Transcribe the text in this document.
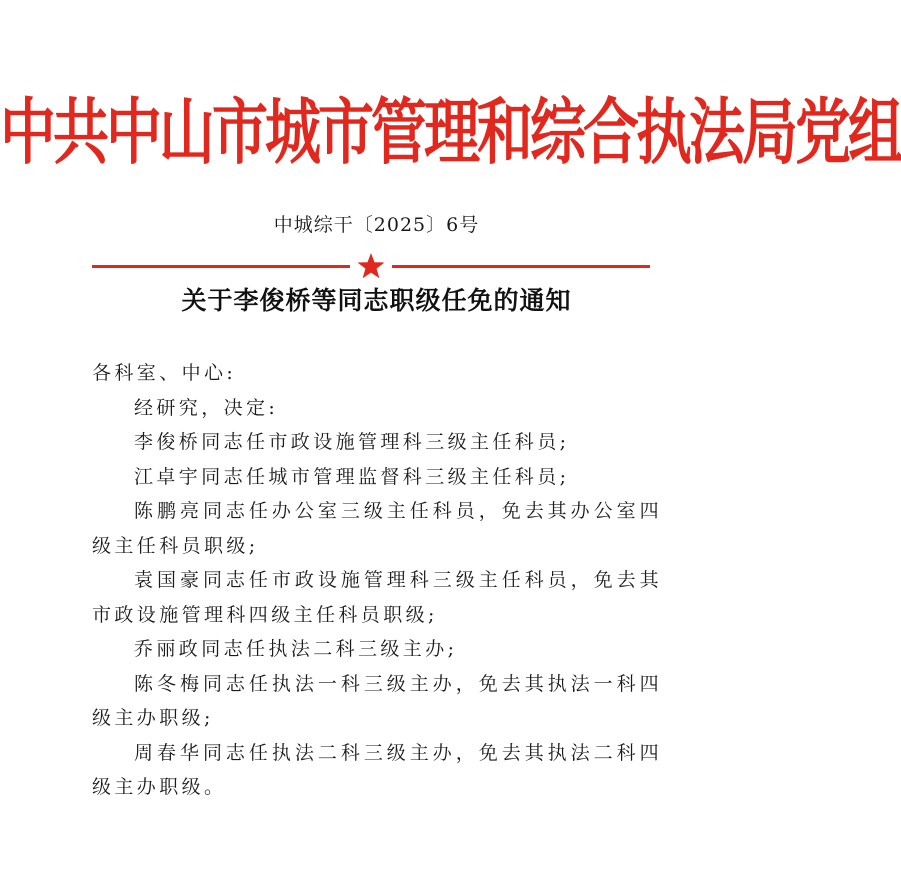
中共中山市城市管理和综合执法局党组
中城综干〔2025〕6号
关于李俊桥等同志职级任免的通知

各科室、中心:

经研究，决定:

李俊桥同志任市政设施管理科三级主任科员;

江卓宇同志任城市管理监督科三级主任科员;

陈鹏亮同志任办公室三级主任科员，免去其办公室四级主任科员职级;

袁国豪同志任市政设施管理科三级主任科员，免去其市政设施管理科四级主任科员职级;

乔丽政同志任执法二科三级主办;

陈冬梅同志任执法一科三级主办，免去其执法一科四级主办职级;

周春华同志任执法二科三级主办，免去其执法二科四级主办职级。
